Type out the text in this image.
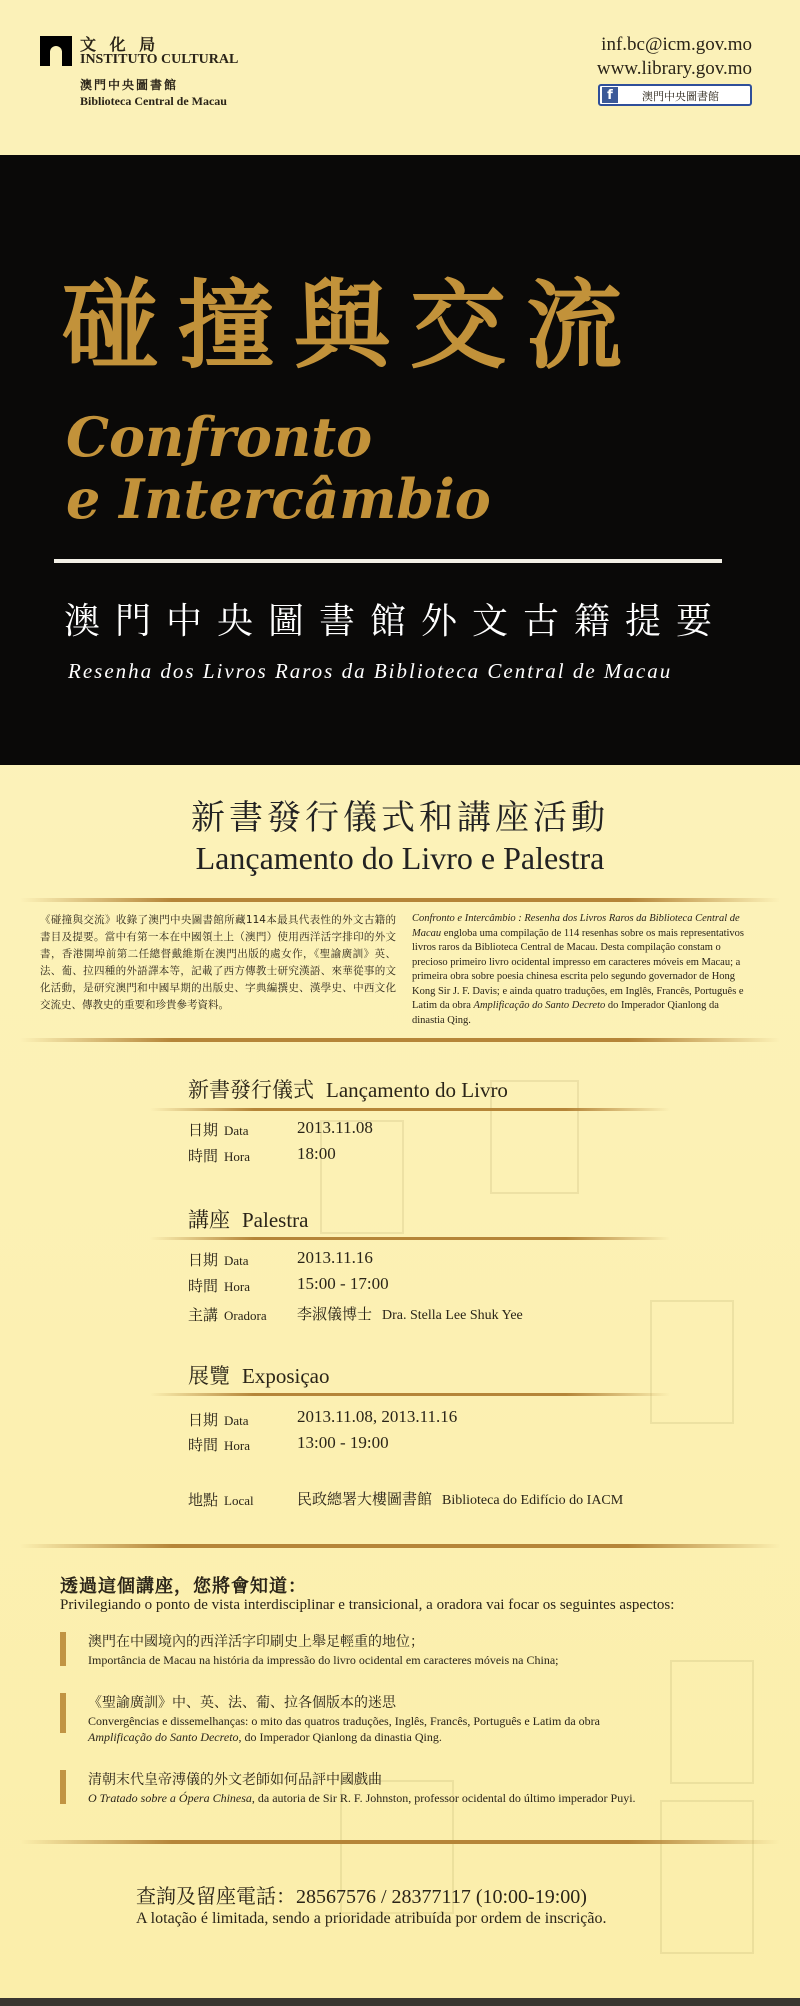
文 化 局
INSTITUTO CULTURAL
澳門中央圖書館
Biblioteca Central de Macau
inf.bc@icm.gov.mo
www.library.gov.mo
f	澳門中央圖書館
碰撞與交流
Confronto
e Intercâmbio
澳門中央圖書館外文古籍提要
Resenha dos Livros Raros da Biblioteca Central de Macau
新書發行儀式和講座活動
Lançamento do Livro e Palestra
《碰撞與交流》收錄了澳門中央圖書館所藏114本最具代表性的外文古籍的書目及提要。當中有第一本在中國領土上（澳門）使用西洋活字排印的外文書，香港開埠前第二任總督戴維斯在澳門出版的處女作，《聖諭廣訓》英、法、葡、拉四種的外語譯本等，記載了西方傳教士研究漢語、來華從事的文化活動，是研究澳門和中國早期的出版史、字典編撰史、漢學史、中西文化交流史、傳教史的重要和珍貴參考資料。
Confronto e Intercâmbio : Resenha dos Livros Raros da Biblioteca Central de Macau engloba uma compilação de 114 resenhas sobre os mais representativos livros raros da Biblioteca Central de Macau. Desta compilação constam o precioso primeiro livro ocidental impresso em caracteres móveis em Macau; a primeira obra sobre poesia chinesa escrita pelo segundo governador de Hong Kong Sir J. F. Davis; e ainda quatro traduções, em Inglês, Francês, Português e Latim da obra Amplificação do Santo Decreto do Imperador Qianlong da dinastia Qing.
新書發行儀式 Lançamento do Livro
日期 Data	2013.11.08
時間 Hora	18:00
講座 Palestra
日期 Data	2013.11.16
時間 Hora	15:00 - 17:00
主講 Oradora 李淑儀博士 Dra. Stella Lee Shuk Yee
展覽 Exposiçao
日期 Data	2013.11.08, 2013.11.16
時間 Hora	13:00 - 19:00
地點 Local	民政總署大樓圖書館 Biblioteca do Edifício do IACM
透過這個講座，您將會知道：
Privilegiando o ponto de vista interdisciplinar e transicional, a oradora vai focar os seguintes aspectos:
澳門在中國境內的西洋活字印刷史上舉足輕重的地位；
Importância de Macau na história da impressão do livro ocidental em caracteres móveis na China;
《聖諭廣訓》中、英、法、葡、拉各個版本的迷思
Convergências e dissemelhanças: o mito das quatros traduções, Inglês, Francês, Português e Latim da obra
Amplificação do Santo Decreto, do Imperador Qianlong da dinastia Qing.
清朝末代皇帝溥儀的外文老師如何品評中國戲曲
O Tratado sobre a Ópera Chinesa, da autoria de Sir R. F. Johnston, professor ocidental do último imperador Puyi.
查詢及留座電話：28567576 / 28377117 (10:00-19:00)
A lotação é limitada, sendo a prioridade atribuída por ordem de inscrição.
